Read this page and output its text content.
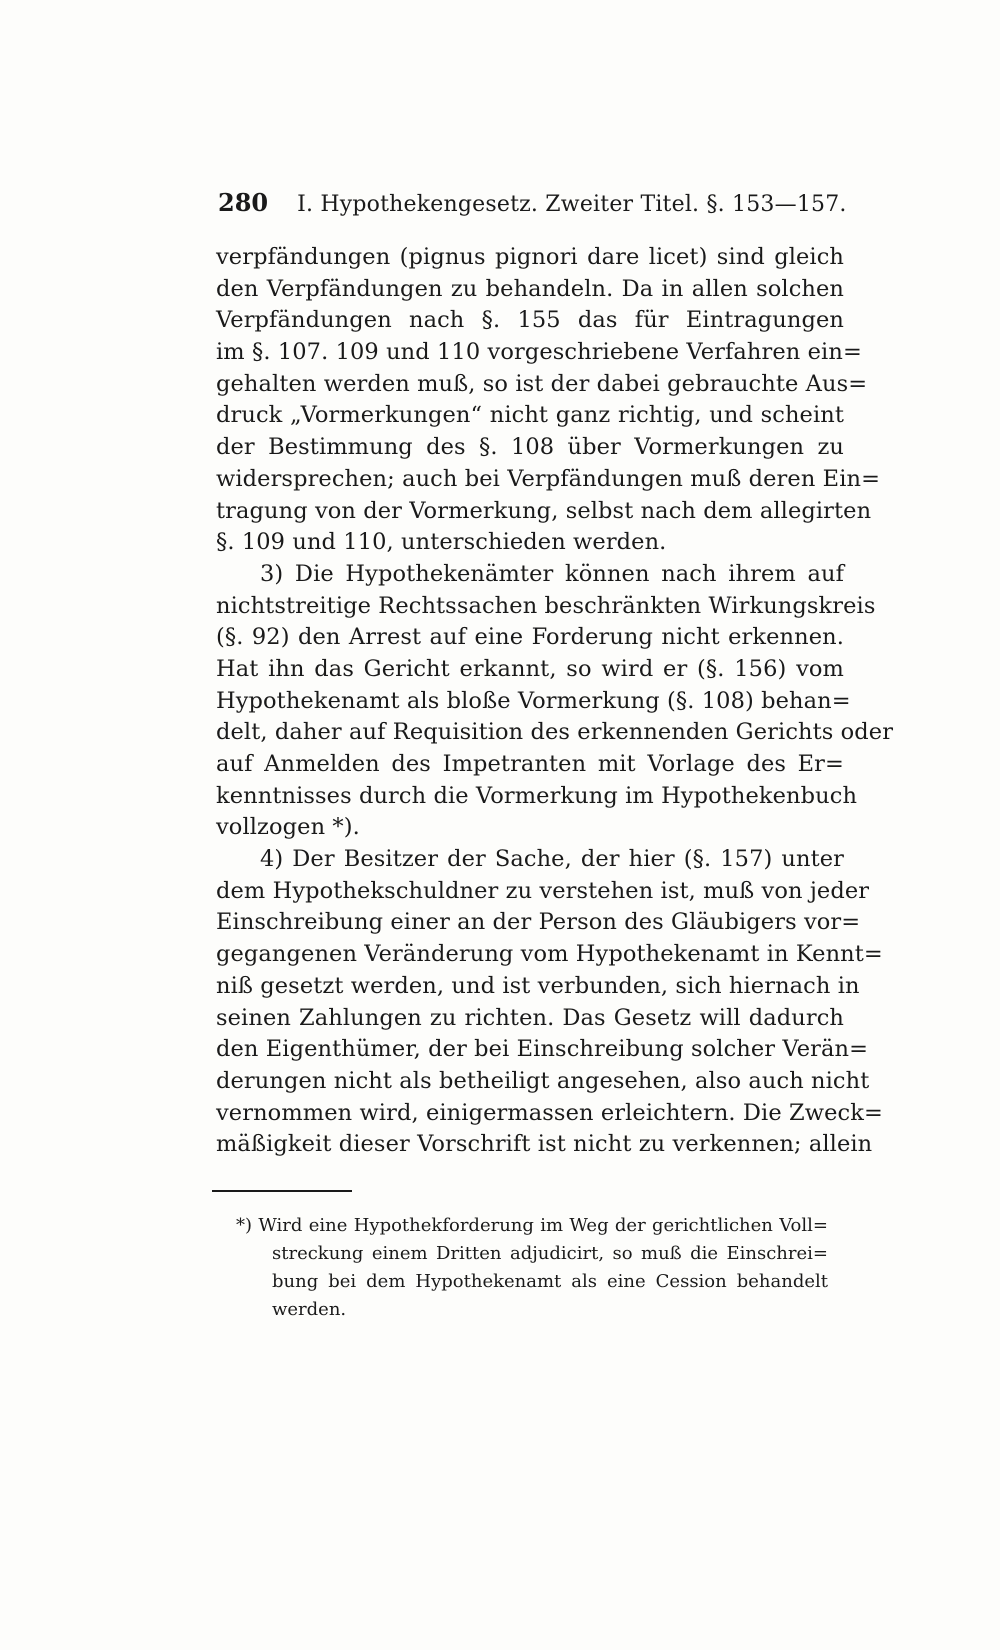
280 I. Hypothekengesetz. Zweiter Titel. §. 153—157.
verpfändungen (pignus pignori dare licet) sind gleich
den Verpfändungen zu behandeln. Da in allen solchen
Verpfändungen nach §. 155 das für Eintragungen
im §. 107. 109 und 110 vorgeschriebene Verfahren ein=
gehalten werden muß, so ist der dabei gebrauchte Aus=
druck „Vormerkungen“ nicht ganz richtig, und scheint
der Bestimmung des §. 108 über Vormerkungen zu
widersprechen; auch bei Verpfändungen muß deren Ein=
tragung von der Vormerkung, selbst nach dem allegirten
§. 109 und 110, unterschieden werden.
3) Die Hypothekenämter können nach ihrem auf
nichtstreitige Rechtssachen beschränkten Wirkungskreis
(§. 92) den Arrest auf eine Forderung nicht erkennen.
Hat ihn das Gericht erkannt, so wird er (§. 156) vom
Hypothekenamt als bloße Vormerkung (§. 108) behan=
delt, daher auf Requisition des erkennenden Gerichts oder
auf Anmelden des Impetranten mit Vorlage des Er=
kenntnisses durch die Vormerkung im Hypothekenbuch
vollzogen *).
4) Der Besitzer der Sache, der hier (§. 157) unter
dem Hypothekschuldner zu verstehen ist, muß von jeder
Einschreibung einer an der Person des Gläubigers vor=
gegangenen Veränderung vom Hypothekenamt in Kennt=
niß gesetzt werden, und ist verbunden, sich hiernach in
seinen Zahlungen zu richten. Das Gesetz will dadurch
den Eigenthümer, der bei Einschreibung solcher Verän=
derungen nicht als betheiligt angesehen, also auch nicht
vernommen wird, einigermassen erleichtern. Die Zweck=
mäßigkeit dieser Vorschrift ist nicht zu verkennen; allein
*) Wird eine Hypothekforderung im Weg der gerichtlichen Voll=
streckung einem Dritten adjudicirt, so muß die Einschrei=
bung bei dem Hypothekenamt als eine Cession behandelt
werden.
